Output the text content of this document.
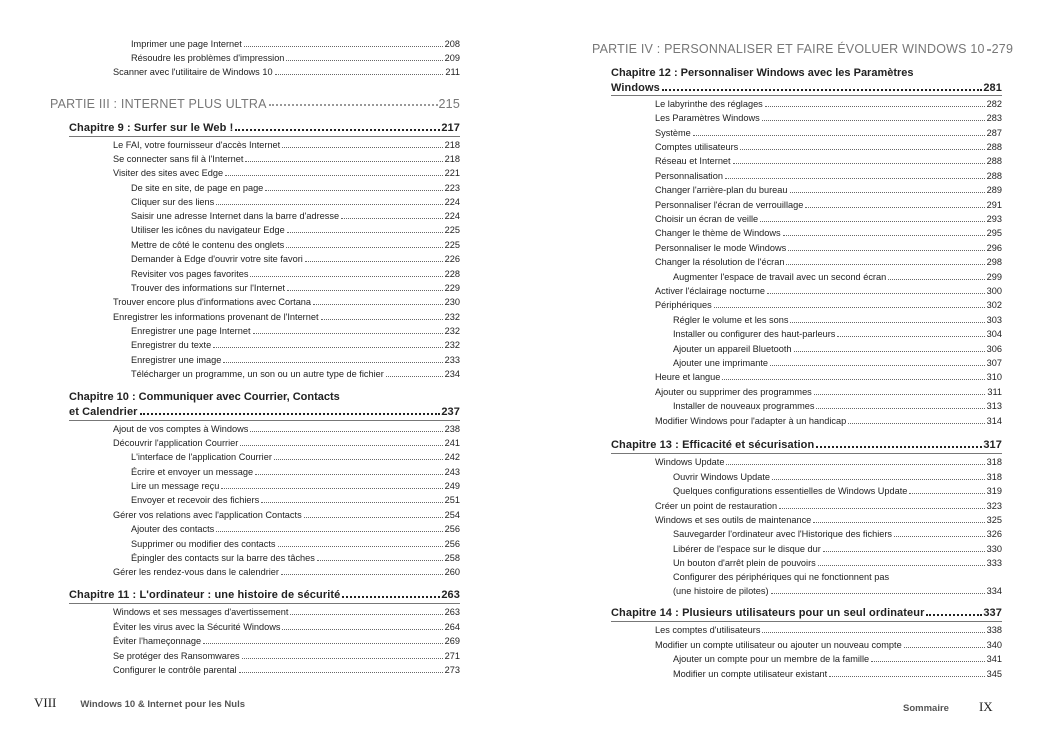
Imprimer une page Internet	208
Résoudre les problèmes d'impression	209
Scanner avec l'utilitaire de Windows 10	211
PARTIE III : INTERNET PLUS ULTRA	215
Chapitre 9 : Surfer sur le Web !	217
Le FAI, votre fournisseur d'accès Internet	218
Se connecter sans fil à l'Internet	218
Visiter des sites avec Edge	221
De site en site, de page en page	223
Cliquer sur des liens	224
Saisir une adresse Internet dans la barre d'adresse	224
Utiliser les icônes du navigateur Edge	225
Mettre de côté le contenu des onglets	225
Demander à Edge d'ouvrir votre site favori	226
Revisiter vos pages favorites	228
Trouver des informations sur l'Internet	229
Trouver encore plus d'informations avec Cortana	230
Enregistrer les informations provenant de l'Internet	232
Enregistrer une page Internet	232
Enregistrer du texte	232
Enregistrer une image	233
Télécharger un programme, un son ou un autre type de fichier	234
Chapitre 10 : Communiquer avec Courrier, Contacts
et Calendrier	237
Ajout de vos comptes à Windows	238
Découvrir l'application Courrier	241
L'interface de l'application Courrier	242
Écrire et envoyer un message	243
Lire un message reçu	249
Envoyer et recevoir des fichiers	251
Gérer vos relations avec l'application Contacts	254
Ajouter des contacts	256
Supprimer ou modifier des contacts	256
Épingler des contacts sur la barre des tâches	258
Gérer les rendez-vous dans le calendrier	260
Chapitre 11 : L'ordinateur : une histoire de sécurité	263
Windows et ses messages d'avertissement	263
Éviter les virus avec la Sécurité Windows	264
Éviter l'hameçonnage	269
Se protéger des Ransomwares	271
Configurer le contrôle parental	273
VIII	Windows 10 & Internet pour les Nuls
PARTIE IV : PERSONNALISER ET FAIRE ÉVOLUER WINDOWS 10 279
Chapitre 12 : Personnaliser Windows avec les Paramètres
Windows	281
Le labyrinthe des réglages	282
Les Paramètres Windows	283
Système	287
Comptes utilisateurs	288
Réseau et Internet	288
Personnalisation	288
Changer l'arrière-plan du bureau	289
Personnaliser l'écran de verrouillage	291
Choisir un écran de veille	293
Changer le thème de Windows	295
Personnaliser le mode Windows	296
Changer la résolution de l'écran	298
Augmenter l'espace de travail avec un second écran	299
Activer l'éclairage nocturne	300
Périphériques	302
Régler le volume et les sons	303
Installer ou configurer des haut-parleurs	304
Ajouter un appareil Bluetooth	306
Ajouter une imprimante	307
Heure et langue	310
Ajouter ou supprimer des programmes	311
Installer de nouveaux programmes	313
Modifier Windows pour l'adapter à un handicap	314
Chapitre 13 : Efficacité et sécurisation	317
Windows Update	318
Ouvrir Windows Update	318
Quelques configurations essentielles de Windows Update	319
Créer un point de restauration	323
Windows et ses outils de maintenance	325
Sauvegarder l'ordinateur avec l'Historique des fichiers	326
Libérer de l'espace sur le disque dur	330
Un bouton d'arrêt plein de pouvoirs	333
Configurer des périphériques qui ne fonctionnent pas
(une histoire de pilotes)	334
Chapitre 14 : Plusieurs utilisateurs pour un seul ordinateur	337
Les comptes d'utilisateurs	338
Modifier un compte utilisateur ou ajouter un nouveau compte	340
Ajouter un compte pour un membre de la famille	341
Modifier un compte utilisateur existant	345
Sommaire IX
